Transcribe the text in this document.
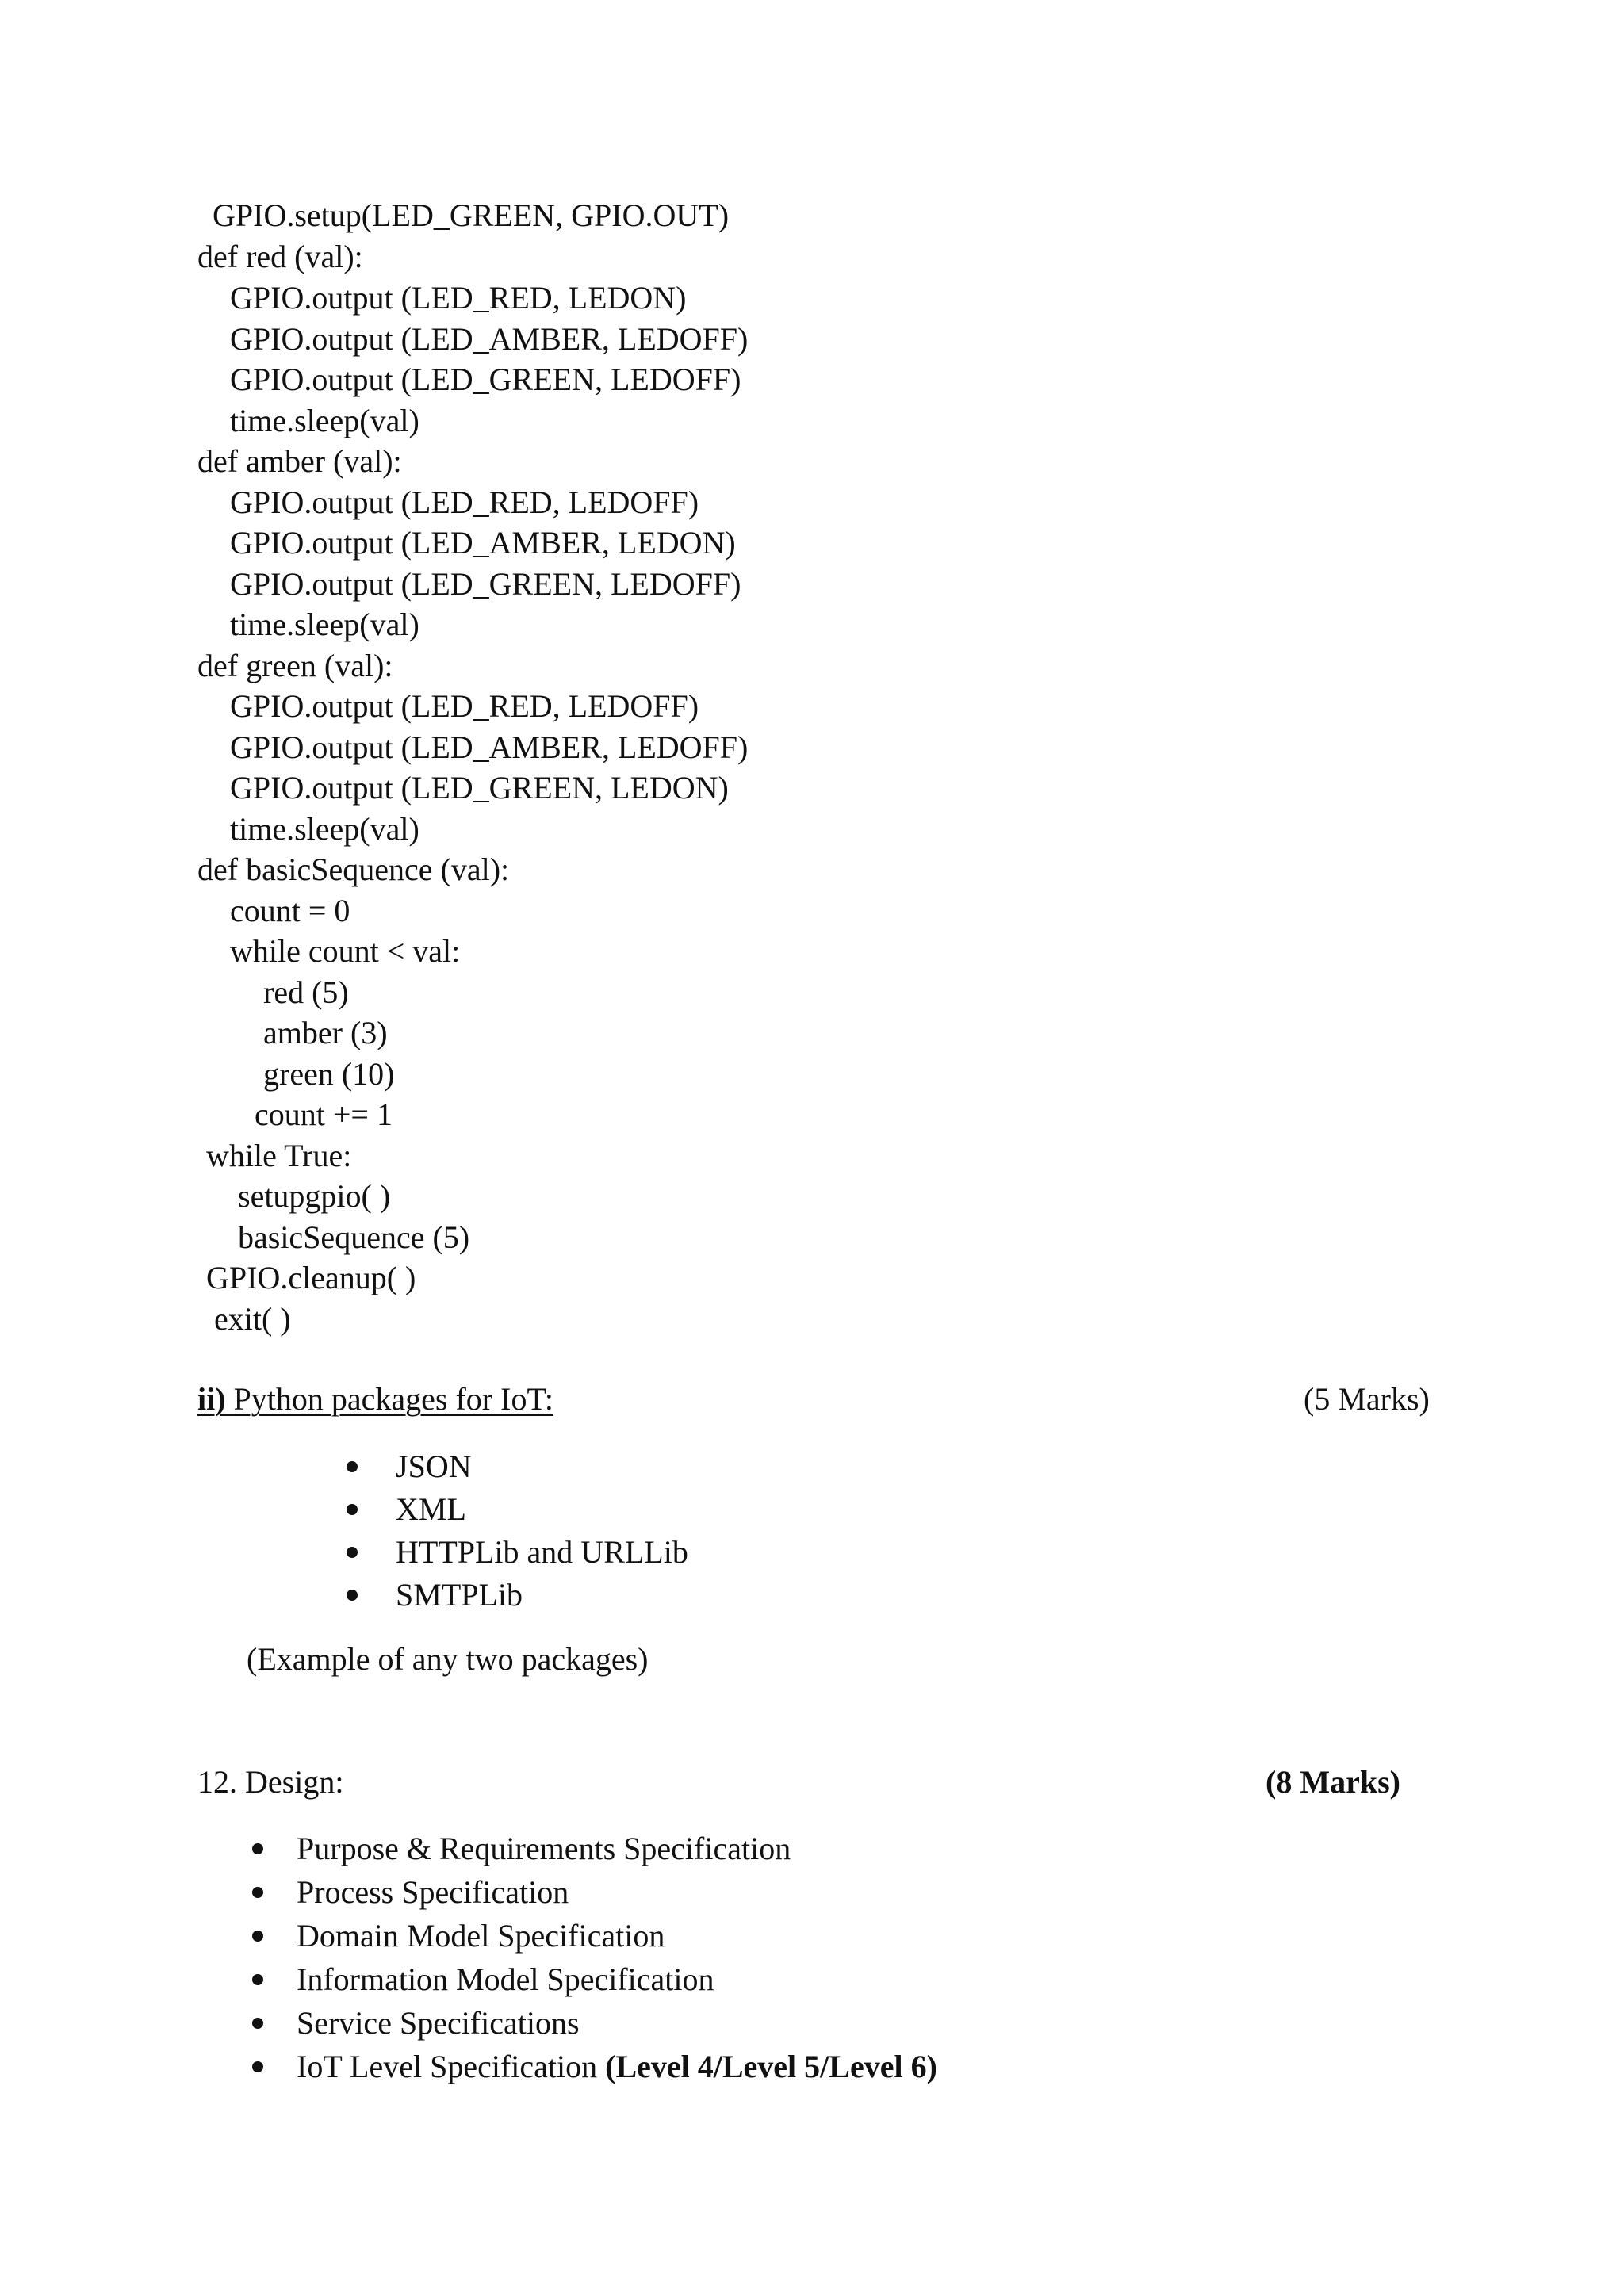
GPIO.setup(LED_GREEN, GPIO.OUT)
def red (val):
GPIO.output (LED_RED, LEDON)
GPIO.output (LED_AMBER, LEDOFF)
GPIO.output (LED_GREEN, LEDOFF)
time.sleep(val)
def amber (val):
GPIO.output (LED_RED, LEDOFF)
GPIO.output (LED_AMBER, LEDON)
GPIO.output (LED_GREEN, LEDOFF)
time.sleep(val)
def green (val):
GPIO.output (LED_RED, LEDOFF)
GPIO.output (LED_AMBER, LEDOFF)
GPIO.output (LED_GREEN, LEDON)
time.sleep(val)
def basicSequence (val):
count = 0
while count < val:
red (5)
amber (3)
green (10)
count += 1
while True:
setupgpio( )
basicSequence (5)
GPIO.cleanup( )
exit( )
ii) Python packages for IoT:	(5 Marks)
JSON
XML
HTTPLib and URLLib
SMTPLib
(Example of any two packages)
12. Design:	(8 Marks)
Purpose & Requirements Specification
Process Specification
Domain Model Specification
Information Model Specification
Service Specifications
IoT Level Specification (Level 4/Level 5/Level 6)
